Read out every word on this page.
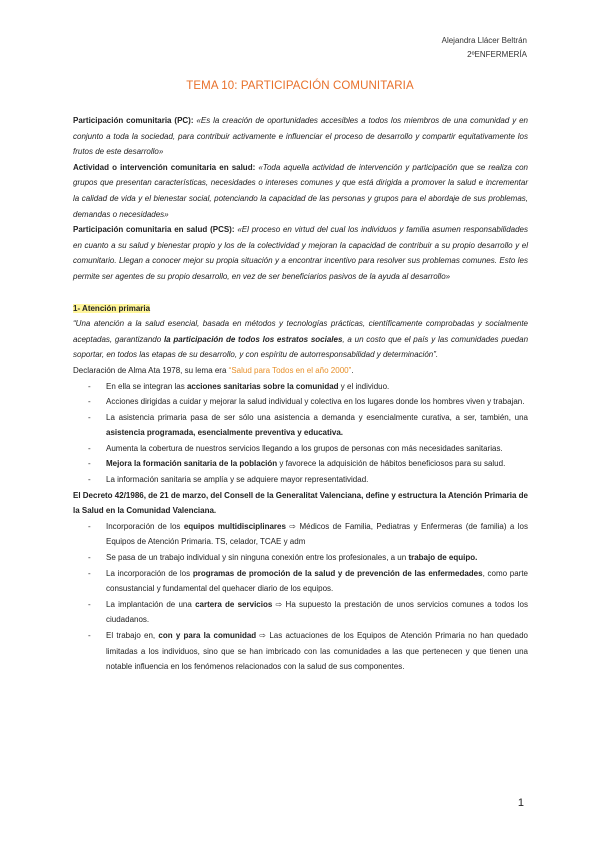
Alejandra Llácer Beltrán
2ºENFERMERÍA
TEMA 10: PARTICIPACIÓN COMUNITARIA

Participación comunitaria (PC): «Es la creación de oportunidades accesibles a todos los miembros de una comunidad y en conjunto a toda la sociedad, para contribuir activamente e influenciar el proceso de desarrollo y compartir equitativamente los frutos de este desarrollo»

Actividad o intervención comunitaria en salud: «Toda aquella actividad de intervención y participación que se realiza con grupos que presentan características, necesidades o intereses comunes y que está dirigida a promover la salud e incrementar la calidad de vida y el bienestar social, potenciando la capacidad de las personas y grupos para el abordaje de sus problemas, demandas o necesidades»

Participación comunitaria en salud (PCS): «El proceso en virtud del cual los individuos y familia asumen responsabilidades en cuanto a su salud y bienestar propio y los de la colectividad y mejoran la capacidad de contribuir a su propio desarrollo y el comunitario. Llegan a conocer mejor su propia situación y a encontrar incentivo para resolver sus problemas comunes. Esto les permite ser agentes de su propio desarrollo, en vez de ser beneficiarios pasivos de la ayuda al desarrollo»

1- Atención primaria

“Una atención a la salud esencial, basada en métodos y tecnologías prácticas, científicamente comprobadas y socialmente aceptadas, garantizando la participación de todos los estratos sociales, a un costo que el país y las comunidades puedan soportar, en todos las etapas de su desarrollo, y con espíritu de autorresponsabilidad y determinación”.

Declaración de Alma Ata 1978, su lema era “Salud para Todos en el año 2000”.

- En ella se integran las acciones sanitarias sobre la comunidad y el individuo.
- Acciones dirigidas a cuidar y mejorar la salud individual y colectiva en los lugares donde los hombres viven y trabajan.
- La asistencia primaria pasa de ser sólo una asistencia a demanda y esencialmente curativa, a ser, también, una asistencia programada, esencialmente preventiva y educativa.
- Aumenta la cobertura de nuestros servicios llegando a los grupos de personas con más necesidades sanitarias.
- Mejora la formación sanitaria de la población y favorece la adquisición de hábitos beneficiosos para su salud.
- La información sanitaria se amplía y se adquiere mayor representatividad.

El Decreto 42/1986, de 21 de marzo, del Consell de la Generalitat Valenciana, define y estructura la Atención Primaria de la Salud en la Comunidad Valenciana.

- Incorporación de los equipos multidisciplinares ⇨ Médicos de Familia, Pediatras y Enfermeras (de familia) a los Equipos de Atención Primaria. TS, celador, TCAE y adm
- Se pasa de un trabajo individual y sin ninguna conexión entre los profesionales, a un trabajo de equipo.
- La incorporación de los programas de promoción de la salud y de prevención de las enfermedades, como parte consustancial y fundamental del quehacer diario de los equipos.
- La implantación de una cartera de servicios ⇨ Ha supuesto la prestación de unos servicios comunes a todos los ciudadanos.
- El trabajo en, con y para la comunidad ⇨ Las actuaciones de los Equipos de Atención Primaria no han quedado limitadas a los individuos, sino que se han imbricado con las comunidades a las que pertenecen y que tienen una notable influencia en los fenómenos relacionados con la salud de sus componentes.
1
